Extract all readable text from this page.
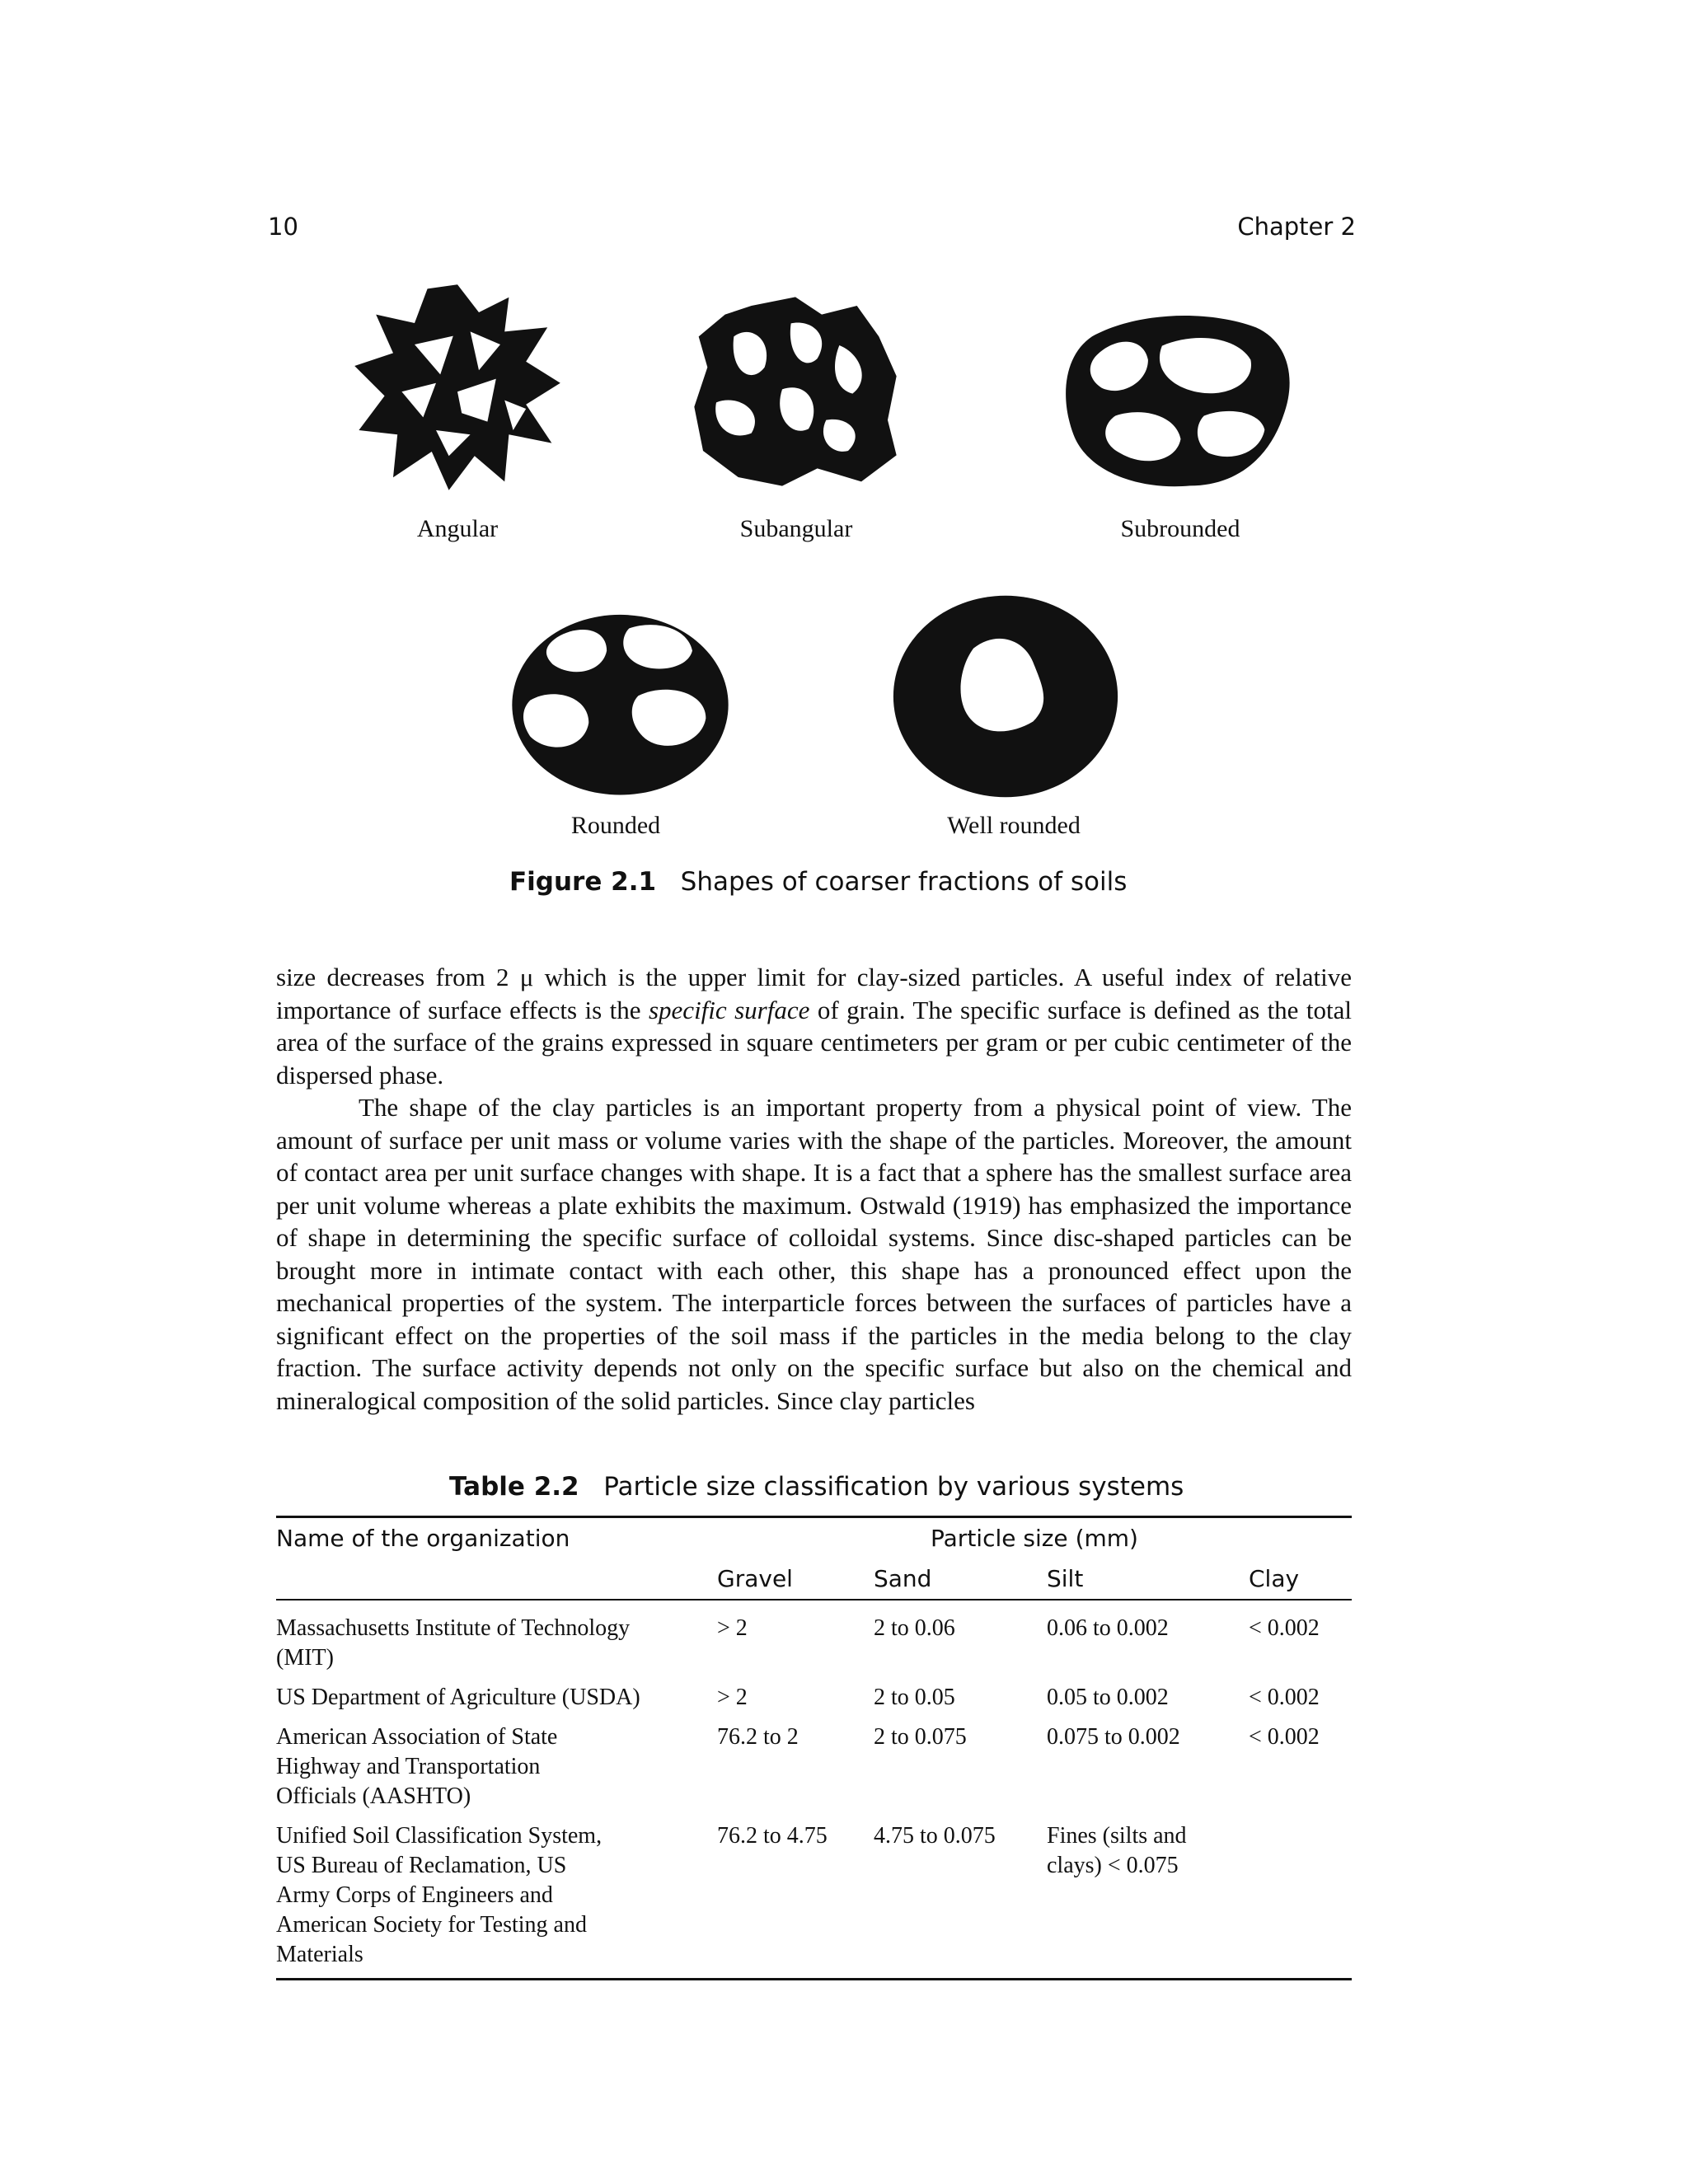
10	Chapter 2
Angular	Subangular	Subrounded
Rounded	Well rounded
Figure 2.1 Shapes of coarser fractions of soils

size decreases from 2 μ which is the upper limit for clay-sized particles. A useful index of relative importance of surface effects is the specific surface of grain. The specific surface is defined as the total area of the surface of the grains expressed in square centimeters per gram or per cubic centimeter of the dispersed phase.

The shape of the clay particles is an important property from a physical point of view. The amount of surface per unit mass or volume varies with the shape of the particles. Moreover, the amount of contact area per unit surface changes with shape. It is a fact that a sphere has the smallest surface area per unit volume whereas a plate exhibits the maximum. Ostwald (1919) has emphasized the importance of shape in determining the specific surface of colloidal systems. Since disc-shaped particles can be brought more in intimate contact with each other, this shape has a pronounced effect upon the mechanical properties of the system. The interparticle forces between the surfaces of particles have a significant effect on the properties of the soil mass if the particles in the media belong to the clay fraction. The surface activity depends not only on the specific surface but also on the chemical and mineralogical composition of the solid particles. Since clay particles

Table 2.2 Particle size classification by various systems
Name of the organization	Particle size (mm)			
	Gravel	Sand	Silt	Clay
Massachusetts Institute of Technology (MIT)	> 2	2 to 0.06	0.06 to 0.002	< 0.002
US Department of Agriculture (USDA)	> 2	2 to 0.05	0.05 to 0.002	< 0.002
American Association of State Highway and Transportation Officials (AASHTO)	76.2 to 2	2 to 0.075	0.075 to 0.002	< 0.002
Unified Soil Classification System, US Bureau of Reclamation, US Army Corps of Engineers and American Society for Testing and Materials	76.2 to 4.75	4.75 to 0.075	Fines (silts and clays) < 0.075	
